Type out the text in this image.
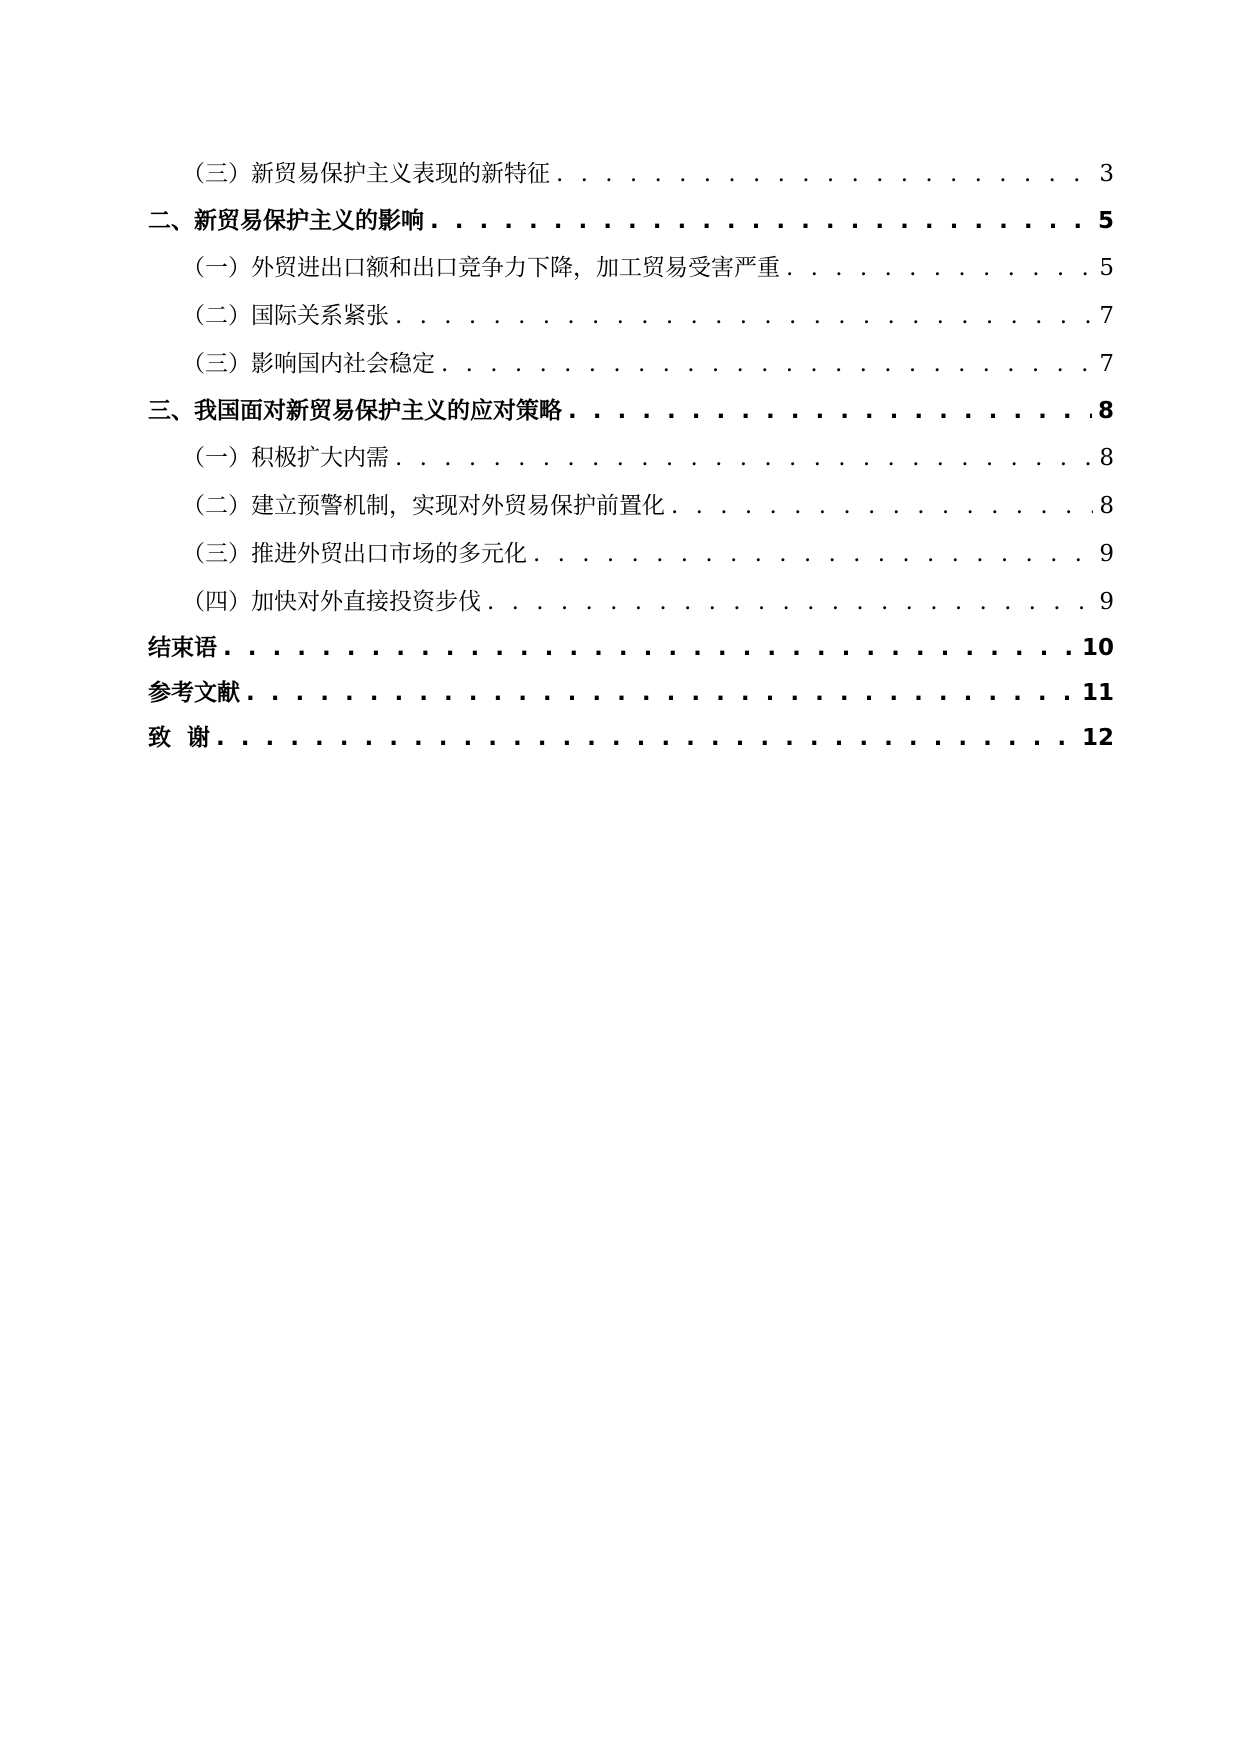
（三）新贸易保护主义表现的新特征 . . .	3
二、新贸易保护主义的影响 . . .	5
（一）外贸进出口额和出口竞争力下降，加工贸易受害严重 . . .	5
（二）国际关系紧张 . . .	7
（三）影响国内社会稳定 . . .	7
三、我国面对新贸易保护主义的应对策略 . . .	8
（一）积极扩大内需 . . .	8
（二）建立预警机制，实现对外贸易保护前置化 . . .	8
（三）推进外贸出口市场的多元化 . . .	9
（四）加快对外直接投资步伐 . . .	9
结束语 . . .	10
参考文献 . . .	11
致  谢 . . .	12
